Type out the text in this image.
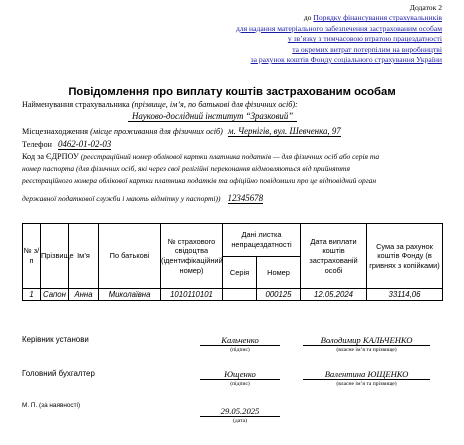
Додаток 2
до Порядку фінансування страхувальників
для надання матеріального забезпечення застрахованим особам
у зв’язку з тимчасовою втратою працездатності
та окремих витрат потерпілим на виробництві
за рахунок коштів Фонду соціального страхування України
Повідомлення про виплату коштів застрахованим особам
Найменування страхувальника (прізвище, ім’я, по батькові для фізичних осіб):
Науково-дослідний інститут “Зразковий”
Місцезнаходження (місце проживання для фізичних осіб) м. Чернігів, вул. Шевченка, 97
Телефон 0462-01-02-03
Код за ЄДРПОУ (реєстраційний номер облікової картки платника податків — для фізичних осіб або серія та
номер паспорта (для фізичних осіб, які через свої релігійні переконання відмовляються від прийняття
реєстраційного номера облікової картки платника податків та офіційно повідомили про це відповідний орган
державної податкової служби і мають відмітку у паспорті)) 12345678
№ з/п	Прізвище	Ім’я	По батькові	№ страхового свідоцтва (ідентифікаційний номер)	Дані листка непрацездатності		Дата виплати коштів застрахованій особі	Сума за рахунок коштів Фонду (в гривнях з копійками)
					Серія	Номер		
1	Сапон	Анна	Миколаївна	1010110101		000125	12.05.2024	33114,06
Керівник установи	Кальченко
(підпис)
Володимир КАЛЬЧЕНКО
(власне ім’я та прізвище)
Головний бухгалтер	Ющенко
(підпис)
Валентина ЮЩЕНКО
(власне ім’я та прізвище)
М. П. (за наявності)
29.05.2025
(дата)
